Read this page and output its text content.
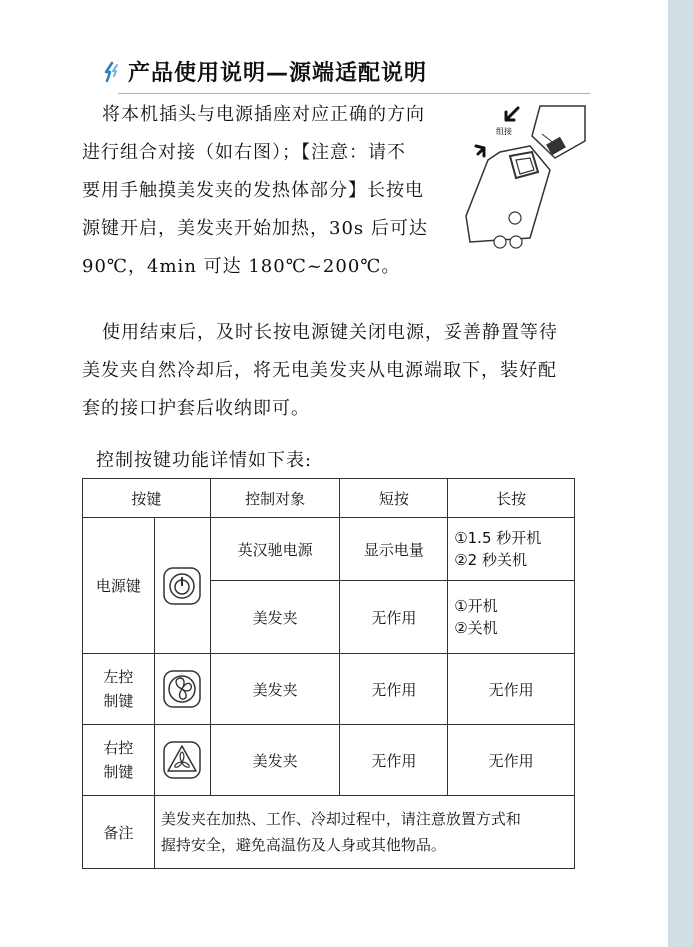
产品使用说明—源端适配说明
将本机插头与电源插座对应正确的方向
进行组合对接（如右图）；【注意：请不
要用手触摸美发夹的发热体部分】长按电
源键开启，美发夹开始加热，30s 后可达
90℃，4min 可达 180℃~200℃。
组接
使用结束后，及时长按电源键关闭电源，妥善静置等待
美发夹自然冷却后，将无电美发夹从电源端取下，装好配
套的接口护套后收纳即可。
控制按键功能详情如下表:
按键		控制对象	短按	长按
电源键		英汉驰电源	显示电量	①1.5 秒开机
②2 秒关机

		美发夹	无作用	①开机
②关机

左控
制键		美发夹	无作用	无作用

右控
制键		美发夹	无作用	无作用
备注	美发夹在加热、工作、冷却过程中，请注意放置方式和
握持安全，避免高温伤及人身或其他物品。			
